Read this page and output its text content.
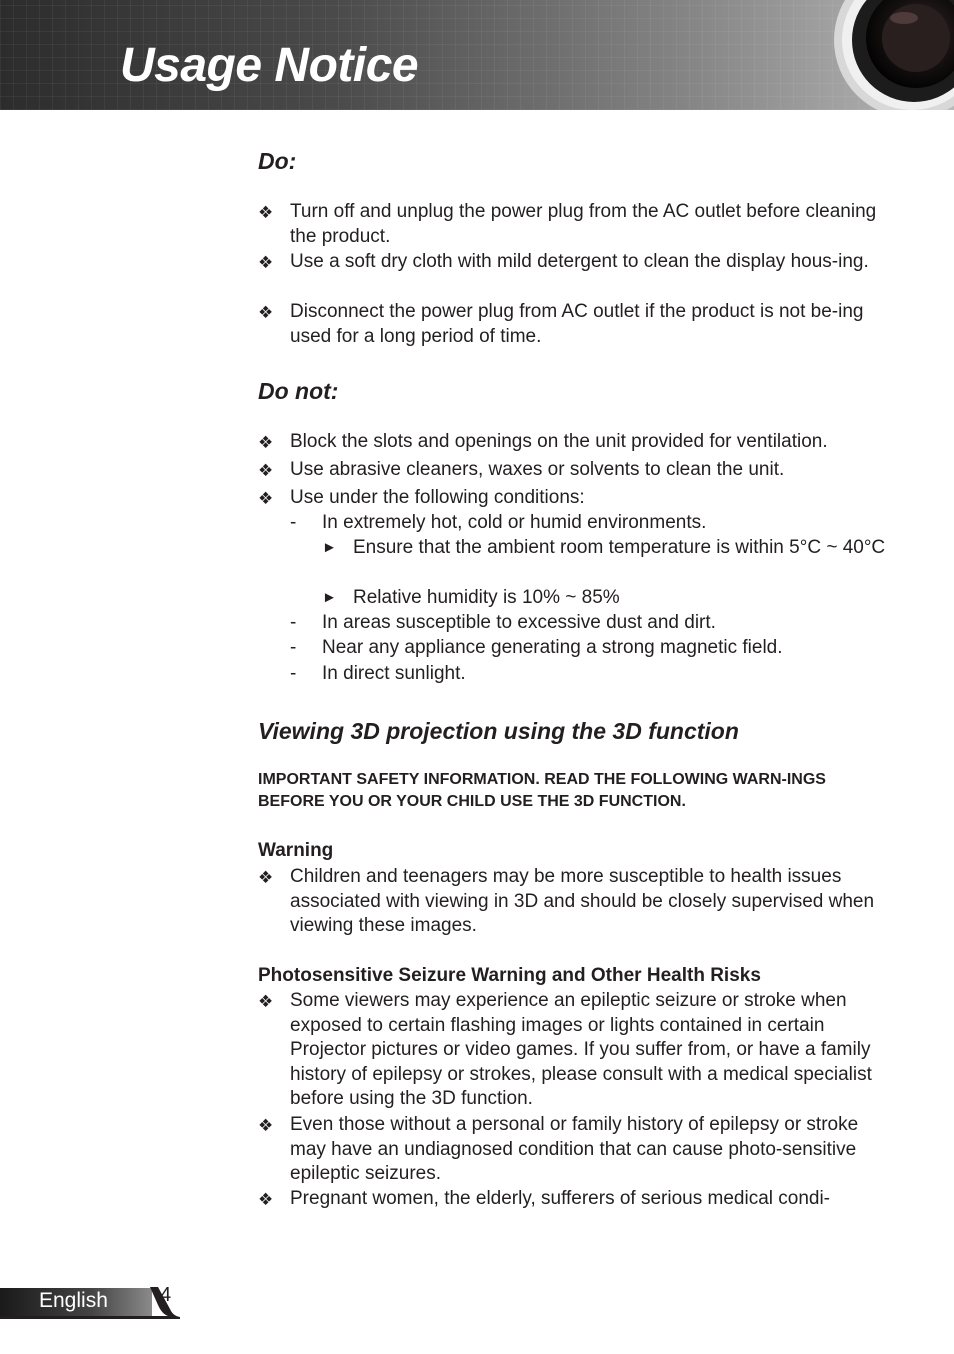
Usage Notice
Do:
❖ Turn off and unplug the power plug from the AC outlet before cleaning the product.
❖ Use a soft dry cloth with mild detergent to clean the display hous-ing.
❖ Disconnect the power plug from AC outlet if the product is not be-ing used for a long period of time.
Do not:
❖ Block the slots and openings on the unit provided for ventilation.
❖ Use abrasive cleaners, waxes or solvents to clean the unit.
❖ Use under the following conditions:
-	In extremely hot, cold or humid environments.
► Ensure that the ambient room temperature is within 5°C ~ 40°C
► Relative humidity is 10% ~ 85%
-	In areas susceptible to excessive dust and dirt.
-	Near any appliance generating a strong magnetic field.
-	In direct sunlight.
Viewing 3D projection using the 3D function
IMPORTANT SAFETY INFORMATION. READ THE FOLLOWING WARN-INGS BEFORE YOU OR YOUR CHILD USE THE 3D FUNCTION.
Warning
❖ Children and teenagers may be more susceptible to health issues associated with viewing in 3D and should be closely supervised when viewing these images.
Photosensitive Seizure Warning and Other Health Risks
❖ Some viewers may experience an epileptic seizure or stroke when exposed to certain flashing images or lights contained in certain Projector pictures or video games. If you suffer from, or have a family history of epilepsy or strokes, please consult with a medical specialist before using the 3D function.
❖ Even those without a personal or family history of epilepsy or stroke may have an undiagnosed condition that can cause photo-sensitive epileptic seizures.
❖ Pregnant women, the elderly, sufferers of serious medical condi-
English	4
